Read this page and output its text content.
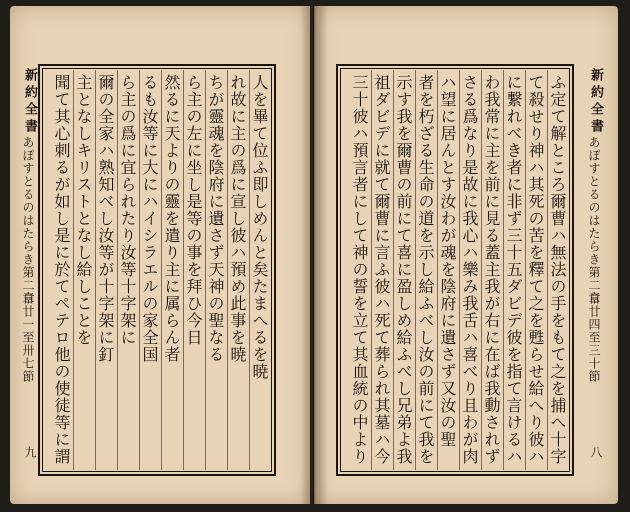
新約全書
あぽすとるのはたらき第二章
自廿一至卅七節
九
人を畢て位ふ即しめんと矣たまへるを暁
れ故に主の爲に宣し彼ハ預め此事を暁
ちが靈魂を陰府に遺さず天神の聖なる
ら主の左に坐し是等の事を拜ひ今日
然るに天よりの靈を遣り主に属らん者
るも汝等に大にハイシラエルの家全国
ら主の爲に宜られたり汝等十字架に
爾の全家ハ熟知べし汝等が十字架に釘
主となしキリストとなし給しことを
聞て其心刺るが如し是に於てペテロ他の使徒等に謂	ふ定て解ところ爾曹ハ無法の手をもて之を捕へ十字
て殺せり神ハ其死の苦を釋て之を甦らせ給へり彼ハ
に繋れべき者に非ず三十五ダビデ彼を指て言けるハ
わ我常に主を前に見る蓋主我が右に在ば我動されず
さる爲なり是故に我心ハ樂み我舌ハ喜べり且わが肉
ハ望に居んとす汝わが魂を陰府に遺さず又汝の聖
者を朽ざる生命の道を示し給ふべし汝の前にて我を
示す我を爾曹の前にて喜に盈しめ給ふべし兄弟よ我
祖ダビデに就て爾曹に言ふ彼ハ死て葬られ其墓ハ今
三十彼ハ預言者にして神の誓を立て其血統の中より
新約全書
あぽすとるのはたらき第二章
自廿四至三十節
八
